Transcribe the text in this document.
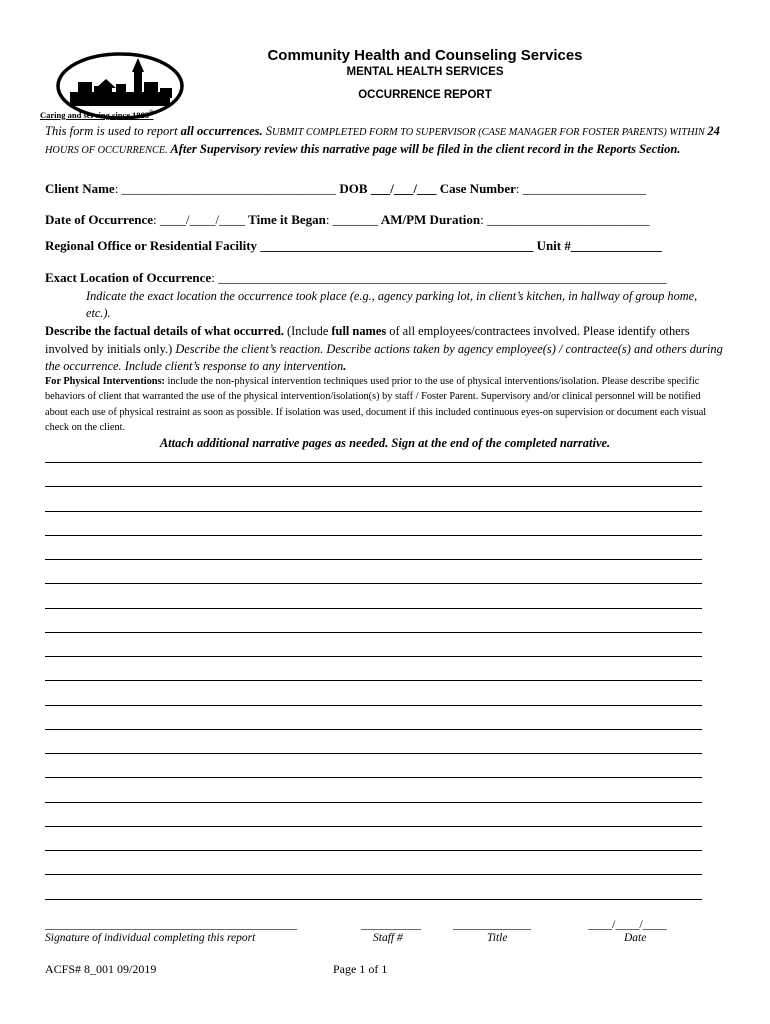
Community Health and Counseling Services
MENTAL HEALTH SERVICES
OCCURRENCE REPORT
Caring and serving since 1883®
This form is used to report all occurrences. SUBMIT COMPLETED FORM TO SUPERVISOR (CASE MANAGER FOR FOSTER PARENTS) WITHIN 24 HOURS OF OCCURRENCE. After Supervisory review this narrative page will be filed in the client record in the Reports Section.
Client Name: _________________________________ DOB ___/___/___ Case Number: ___________________
Date of Occurrence: ____/____/____ Time it Began: _______ AM/PM Duration: _________________________
Regional Office or Residential Facility __________________________________________ Unit #______________
Exact Location of Occurrence: _____________________________________________________________________
Indicate the exact location the occurrence took place (e.g., agency parking lot, in client’s kitchen, in hallway of group home, etc.).
Describe the factual details of what occurred. (Include full names of all employees/contractees involved. Please identify others involved by initials only.) Describe the client’s reaction. Describe actions taken by agency employee(s) / contractee(s) and others during the occurrence. Include client’s response to any intervention.
For Physical Interventions: include the non-physical intervention techniques used prior to the use of physical interventions/isolation. Please describe specific behaviors of client that warranted the use of the physical intervention/isolation(s) by staff / Foster Parent. Supervisory and/or clinical personnel will be notified about each use of physical restraint as soon as possible. If isolation was used, document if this included continuous eyes-on supervision or document each visual check on the client.
Attach additional narrative pages as needed. Sign at the end of the completed narrative.
__________________________________________	__________	_____________	____/____/____
Signature of individual completing this report	Staff #	Title	Date
ACFS# 8_001 09/2019	Page 1 of 1
